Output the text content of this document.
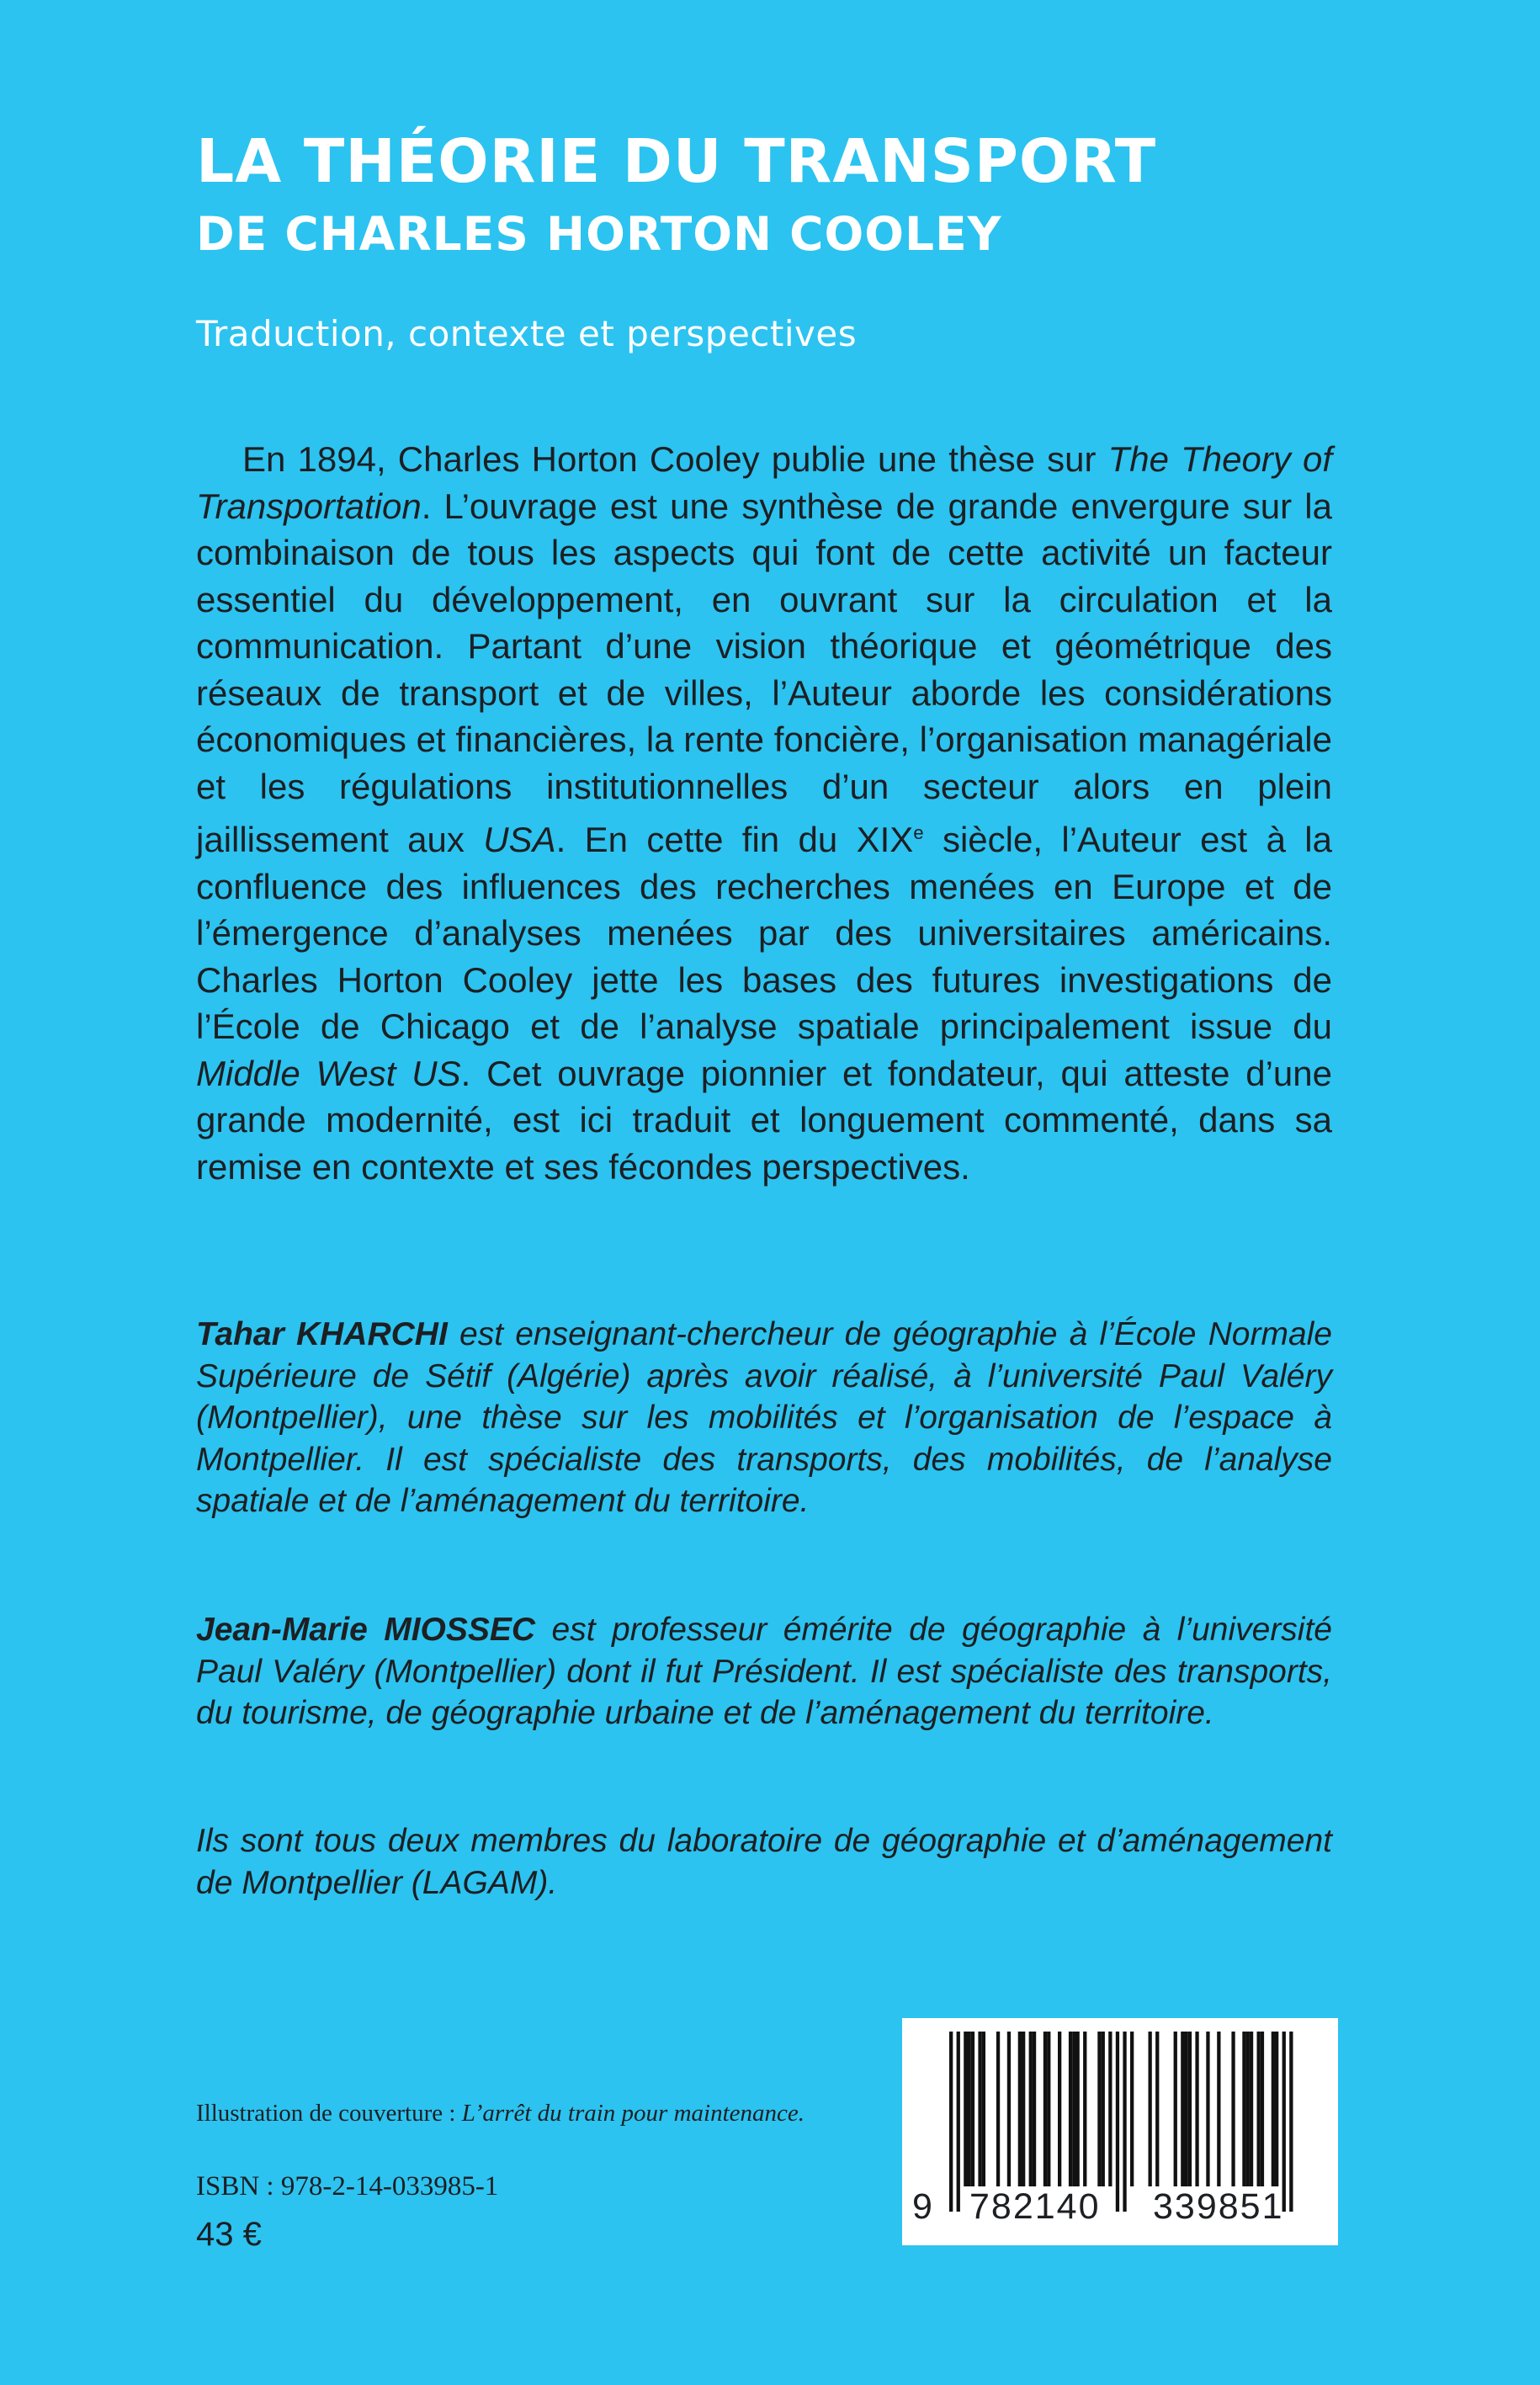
LA THÉORIE DU TRANSPORT
DE CHARLES HORTON COOLEY

Traduction, contexte et perspectives

En 1894, Charles Horton Cooley publie une thèse sur The Theory of Transportation. L’ouvrage est une synthèse de grande envergure sur la combinaison de tous les aspects qui font de cette activité un facteur essentiel du développement, en ouvrant sur la circulation et la communication. Partant d’une vision théorique et géométrique des réseaux de transport et de villes, l’Auteur aborde les considérations économiques et financières, la rente foncière, l’organisation managériale et les régulations institutionnelles d’un secteur alors en plein jaillissement aux USA. En cette fin du XIXe siècle, l’Auteur est à la confluence des influences des recherches menées en Europe et de l’émergence d’analyses menées par des universitaires américains. Charles Horton Cooley jette les bases des futures investigations de l’École de Chicago et de l’analyse spatiale principalement issue du Middle West US. Cet ouvrage pionnier et fondateur, qui atteste d’une grande modernité, est ici traduit et longuement commenté, dans sa remise en contexte et ses fécondes perspectives.

Tahar KHARCHI est enseignant-chercheur de géographie à l’École Normale Supérieure de Sétif (Algérie) après avoir réalisé, à l’université Paul Valéry (Montpellier), une thèse sur les mobilités et l’organisation de l’espace à Montpellier. Il est spécialiste des transports, des mobilités, de l’analyse spatiale et de l’aménagement du territoire.

Jean-Marie MIOSSEC est professeur émérite de géographie à l’université Paul Valéry (Montpellier) dont il fut Président. Il est spécialiste des transports, du tourisme, de géographie urbaine et de l’aménagement du territoire.

Ils sont tous deux membres du laboratoire de géographie et d’aménagement de Montpellier (LAGAM).

Illustration de couverture : L’arrêt du train pour maintenance.

ISBN : 978-2-14-033985-1

43 €

9 782140 339851
